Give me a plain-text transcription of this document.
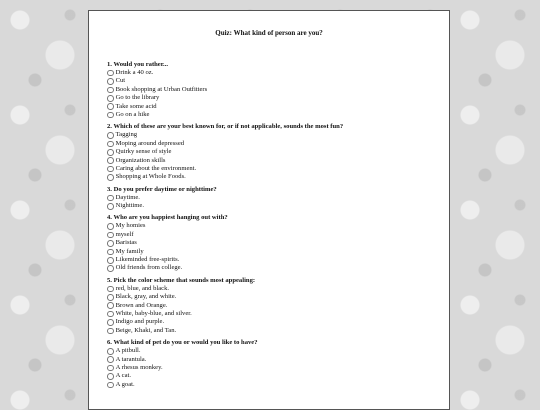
Quiz: What kind of person are you?
1. Would you rather...
Drink a 40 oz.
Cut
Book shopping at Urban Outfitters
Go to the library
Take some acid
Go on a hike
2. Which of these are your best known for, or if not applicable, sounds the most fun?
Tagging
Moping around depressed
Quirky sense of style
Organization skills
Caring about the environment.
Shopping at Whole Foods.
3. Do you prefer daytime or nighttime?
Daytime.
Nighttime.
4. Who are you happiest hanging out with?
My homies
myself
Baristas
My family
Likeminded free-spirits.
Old friends from college.
5. Pick the color scheme that sounds most appealing:
red, blue, and black.
Black, gray, and white.
Brown and Orange.
White, baby-blue, and silver.
Indigo and purple.
Beige, Khaki, and Tan.
6. What kind of pet do you or would you like to have?
A pitbull.
A tarantula.
A rhesus monkey.
A cat.
A goat.
